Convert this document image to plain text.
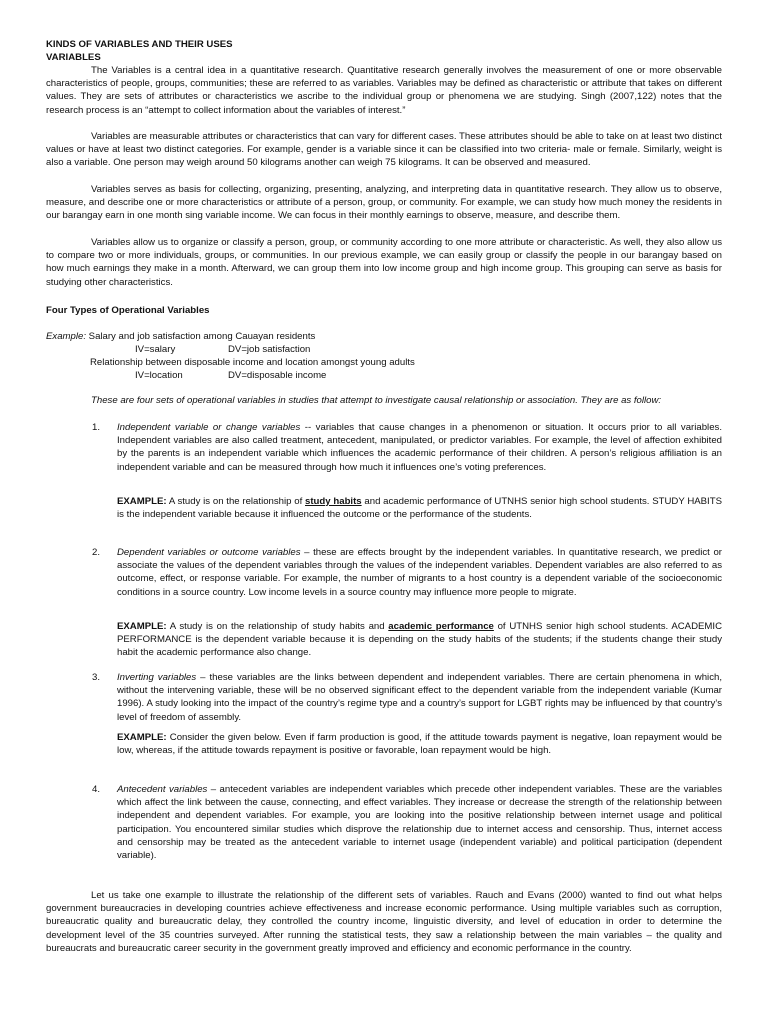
KINDS OF VARIABLES AND THEIR USES
VARIABLES

The Variables is a central idea in a quantitative research. Quantitative research generally involves the measurement of one or more observable characteristics of people, groups, communities; these are referred to as variables. Variables may be defined as characteristic or attribute that takes on different values. They are sets of attributes or characteristics we ascribe to the individual group or phenomena we are studying. Singh (2007,122) notes that the research process is an “attempt to collect information about the variables of interest.”

Variables are measurable attributes or characteristics that can vary for different cases. These attributes should be able to take on at least two distinct values or have at least two distinct categories. For example, gender is a variable since it can be classified into two criteria- male or female. Similarly, weight is also a variable. One person may weigh around 50 kilograms another can weigh 75 kilograms. It can be observed and measured.

Variables serves as basis for collecting, organizing, presenting, analyzing, and interpreting data in quantitative research. They allow us to observe, measure, and describe one or more characteristics or attribute of a person, group, or community. For example, we can study how much money the residents in our barangay earn in one month sing variable income. We can focus in their monthly earnings to observe, measure, and describe them.

Variables allow us to organize or classify a person, group, or community according to one more attribute or characteristic. As well, they also allow us to compare two or more individuals, groups, or communities. In our previous example, we can easily group or classify the people in our barangay based on how much earnings they make in a month. Afterward, we can group them into low income group and high income group. This grouping can serve as basis for studying other characteristics.

Four Types of Operational Variables
Example: Salary and job satisfaction among Cauayan residents
IV=salary	DV=job satisfaction
Relationship between disposable income and location amongst young adults
IV=location	DV=disposable income

These are four sets of operational variables in studies that attempt to investigate causal relationship or association. They are as follow:

1.	Independent variable or change variables -- variables that cause changes in a phenomenon or situation. It occurs prior to all variables. Independent variables are also called treatment, antecedent, manipulated, or predictor variables. For example, the level of affection exhibited by the parents is an independent variable which influences the academic performance of their children. A person’s religious affiliation is an independent variable and can be measured through how much it influences one’s voting preferences.

EXAMPLE: A study is on the relationship of study habits and academic performance of UTNHS senior high school students. STUDY HABITS is the independent variable because it influenced the outcome or the performance of the students.

2.	Dependent variables or outcome variables – these are effects brought by the independent variables. In quantitative research, we predict or associate the values of the dependent variables through the values of the independent variables. Dependent variables are also referred to as outcome, effect, or response variable. For example, the number of migrants to a host country is a dependent variable of the socioeconomic conditions in a source country. Low income levels in a source country may influence more people to migrate.

EXAMPLE: A study is on the relationship of study habits and academic performance of UTNHS senior high school students. ACADEMIC PERFORMANCE is the dependent variable because it is depending on the study habits of the students; if the students change their study habit the academic performance also change.

3.	Inverting variables – these variables are the links between dependent and independent variables. There are certain phenomena in which, without the intervening variable, these will be no observed significant effect to the dependent variable from the independent variable (Kumar 1996). A study looking into the impact of the country’s regime type and a country’s support for LGBT rights may be influenced by that country’s level of freedom of assembly.

EXAMPLE: Consider the given below. Even if farm production is good, if the attitude towards payment is negative, loan repayment would be low, whereas, if the attitude towards repayment is positive or favorable, loan repayment would be high.

4.	Antecedent variables – antecedent variables are independent variables which precede other independent variables. These are the variables which affect the link between the cause, connecting, and effect variables. They increase or decrease the strength of the relationship between independent and dependent variables. For example, you are looking into the positive relationship between internet usage and political participation. You encountered similar studies which disprove the relationship due to internet access and censorship. Thus, internet access and censorship may be treated as the antecedent variable to internet usage (independent variable) and political participation (dependent variable).

Let us take one example to illustrate the relationship of the different sets of variables. Rauch and Evans (2000) wanted to find out what helps government bureaucracies in developing countries achieve effectiveness and increase economic performance. Using multiple variables such as corruption, bureaucratic quality and bureaucratic delay, they controlled the country income, linguistic diversity, and level of education in order to determine the development level of the 35 countries surveyed. After running the statistical tests, they saw a relationship between the main variables – the quality and bureaucrats and bureaucratic career security in the government greatly improved and efficiency and economic performance in the country.
